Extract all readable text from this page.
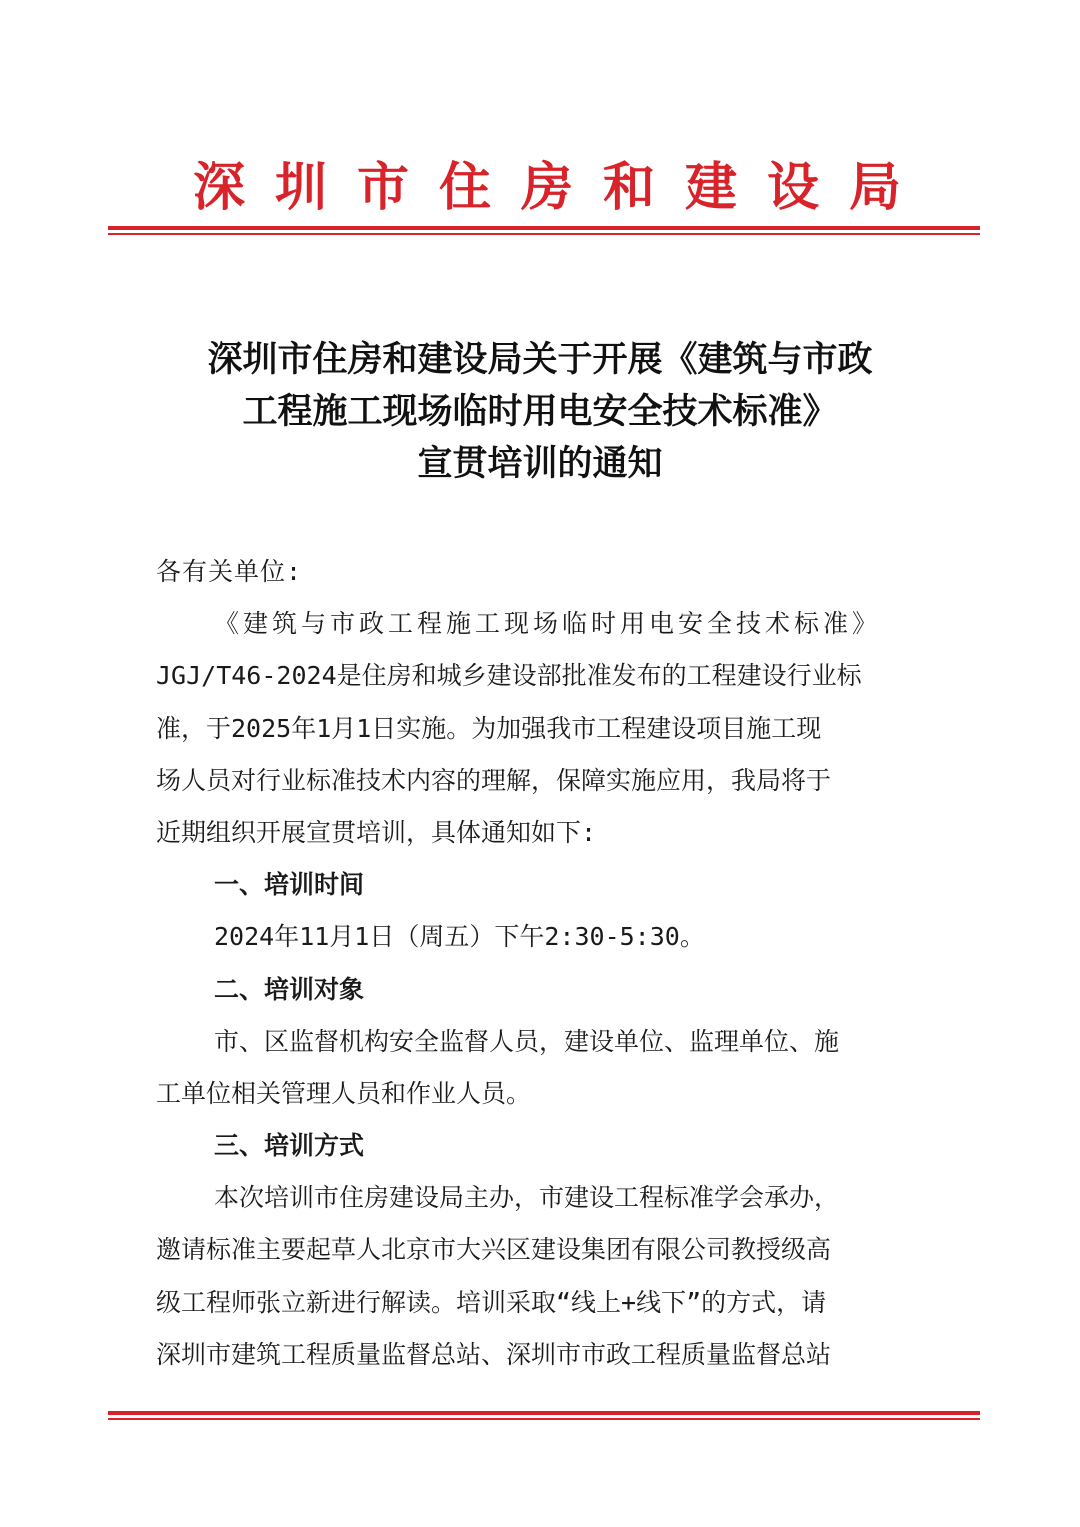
深圳市住房和建设局
深圳市住房和建设局关于开展《建筑与市政
工程施工现场临时用电安全技术标准》
宣贯培训的通知
各有关单位:
《建筑与市政工程施工现场临时用电安全技术标准》
JGJ/T46-2024是住房和城乡建设部批准发布的工程建设行业标
准，于2025年1月1日实施。为加强我市工程建设项目施工现
场人员对行业标准技术内容的理解，保障实施应用，我局将于
近期组织开展宣贯培训，具体通知如下:
一、培训时间
2024年11月1日（周五）下午2:30-5:30。
二、培训对象
市、区监督机构安全监督人员，建设单位、监理单位、施
工单位相关管理人员和作业人员。
三、培训方式
本次培训市住房建设局主办，市建设工程标准学会承办，
邀请标准主要起草人北京市大兴区建设集团有限公司教授级高
级工程师张立新进行解读。培训采取“线上+线下”的方式，请
深圳市建筑工程质量监督总站、深圳市市政工程质量监督总站
